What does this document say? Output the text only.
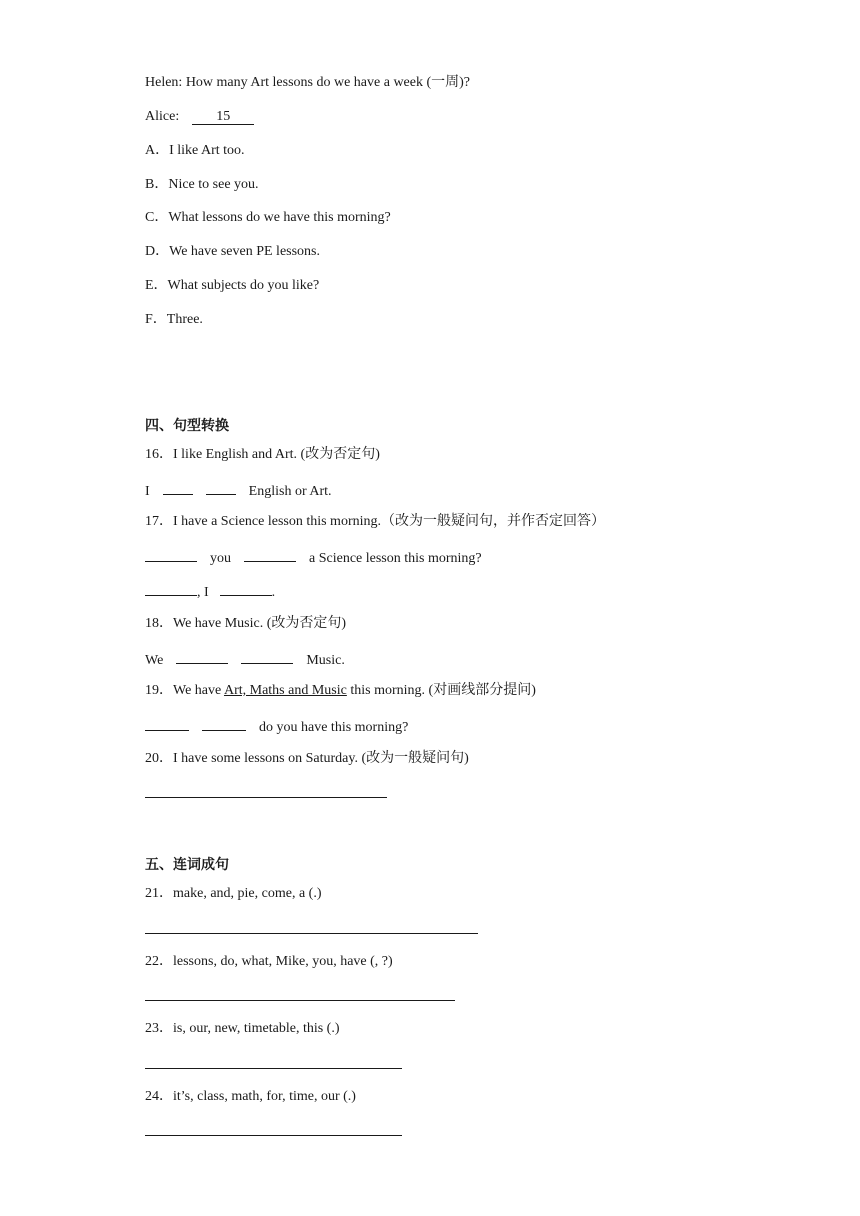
Helen: How many Art lessons do we have a week (一周)?
Alice:	15
A．I like Art too.
B．Nice to see you.
C．What lessons do we have this morning?
D．We have seven PE lessons.
E．What subjects do you like?
F．Three.
四、句型转换
16．I like English and Art. (改为否定句)
I	English or Art.
17．I have a Science lesson this morning.（改为一般疑问句，并作否定回答）
you	a Science lesson this morning?
, I	.
18．We have Music. (改为否定句)
We	Music.
19．We have Art, Maths and Music this morning. (对画线部分提问)
do you have this morning?
20．I have some lessons on Saturday. (改为一般疑问句)
五、连词成句
21．make, and, pie, come, a (.)
22．lessons, do, what, Mike, you, have (, ?)
23．is, our, new, timetable, this (.)
24．it’s, class, math, for, time, our (.)
